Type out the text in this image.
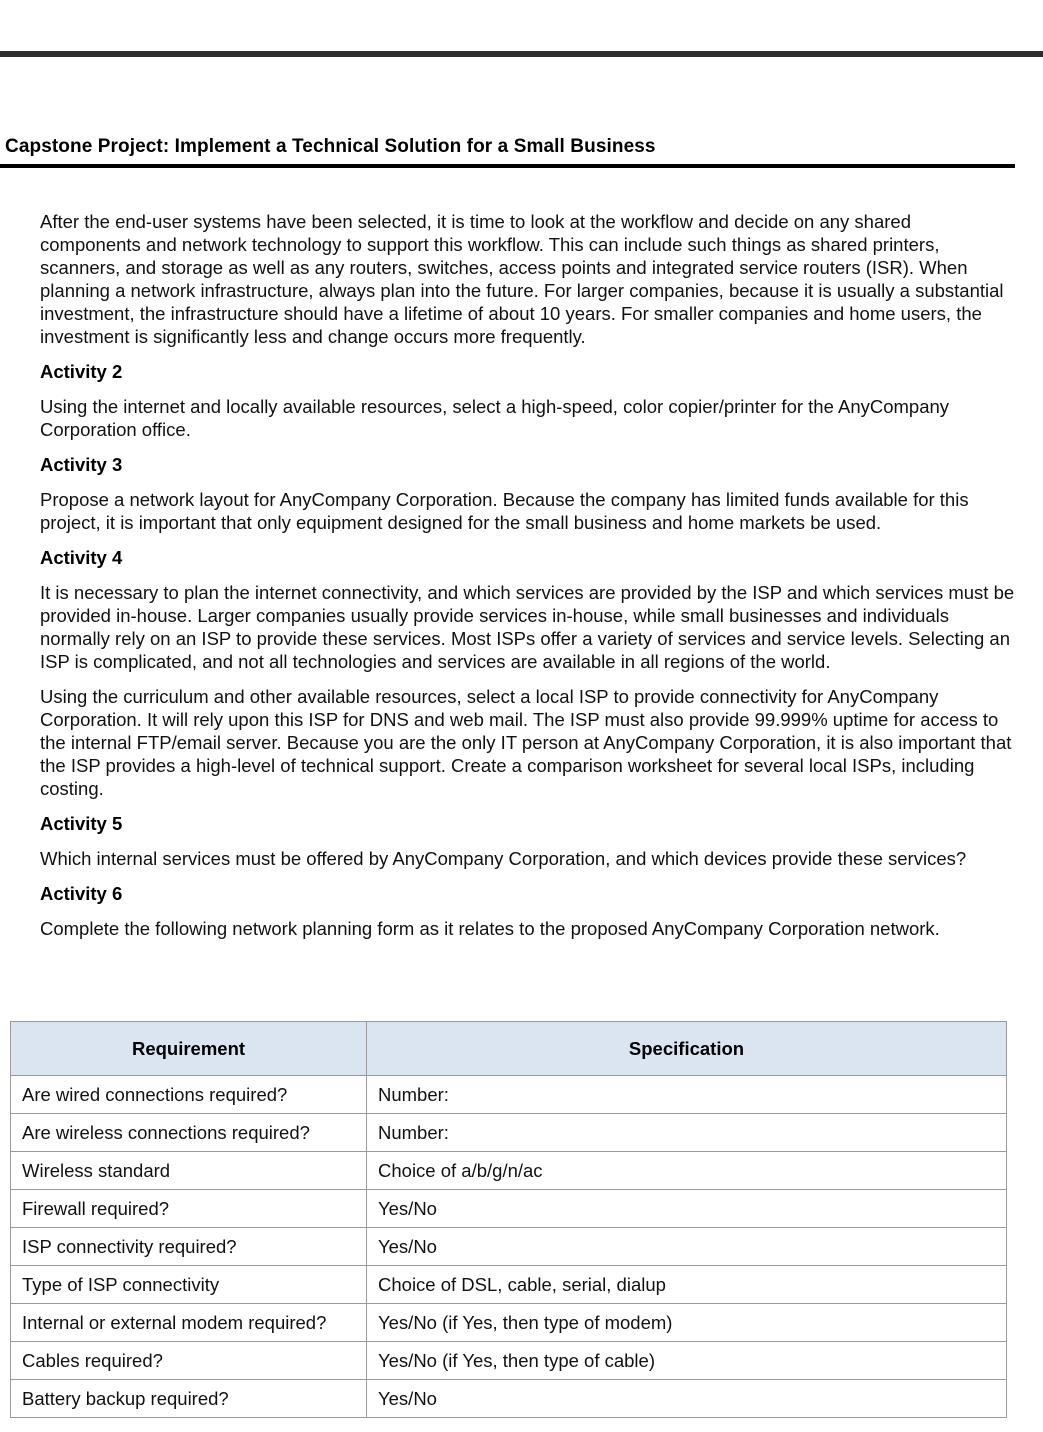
Capstone Project: Implement a Technical Solution for a Small Business

After the end-user systems have been selected, it is time to look at the workflow and decide on any shared components and network technology to support this workflow. This can include such things as shared printers, scanners, and storage as well as any routers, switches, access points and integrated service routers (ISR). When planning a network infrastructure, always plan into the future. For larger companies, because it is usually a substantial investment, the infrastructure should have a lifetime of about 10 years. For smaller companies and home users, the investment is significantly less and change occurs more frequently.

Activity 2

Using the internet and locally available resources, select a high-speed, color copier/printer for the AnyCompany Corporation office.

Activity 3

Propose a network layout for AnyCompany Corporation. Because the company has limited funds available for this project, it is important that only equipment designed for the small business and home markets be used.

Activity 4

It is necessary to plan the internet connectivity, and which services are provided by the ISP and which services must be provided in-house. Larger companies usually provide services in-house, while small businesses and individuals normally rely on an ISP to provide these services. Most ISPs offer a variety of services and service levels. Selecting an ISP is complicated, and not all technologies and services are available in all regions of the world.

Using the curriculum and other available resources, select a local ISP to provide connectivity for AnyCompany Corporation. It will rely upon this ISP for DNS and web mail. The ISP must also provide 99.999% uptime for access to the internal FTP/email server. Because you are the only IT person at AnyCompany Corporation, it is also important that the ISP provides a high-level of technical support. Create a comparison worksheet for several local ISPs, including costing.

Activity 5

Which internal services must be offered by AnyCompany Corporation, and which devices provide these services?

Activity 6

Complete the following network planning form as it relates to the proposed AnyCompany Corporation network.

Requirement	Specification
Are wired connections required?	Number:
Are wireless connections required?	Number:
Wireless standard	Choice of a/b/g/n/ac
Firewall required?	Yes/No
ISP connectivity required?	Yes/No
Type of ISP connectivity	Choice of DSL, cable, serial, dialup
Internal or external modem required?	Yes/No (if Yes, then type of modem)
Cables required?	Yes/No (if Yes, then type of cable)
Battery backup required?	Yes/No
